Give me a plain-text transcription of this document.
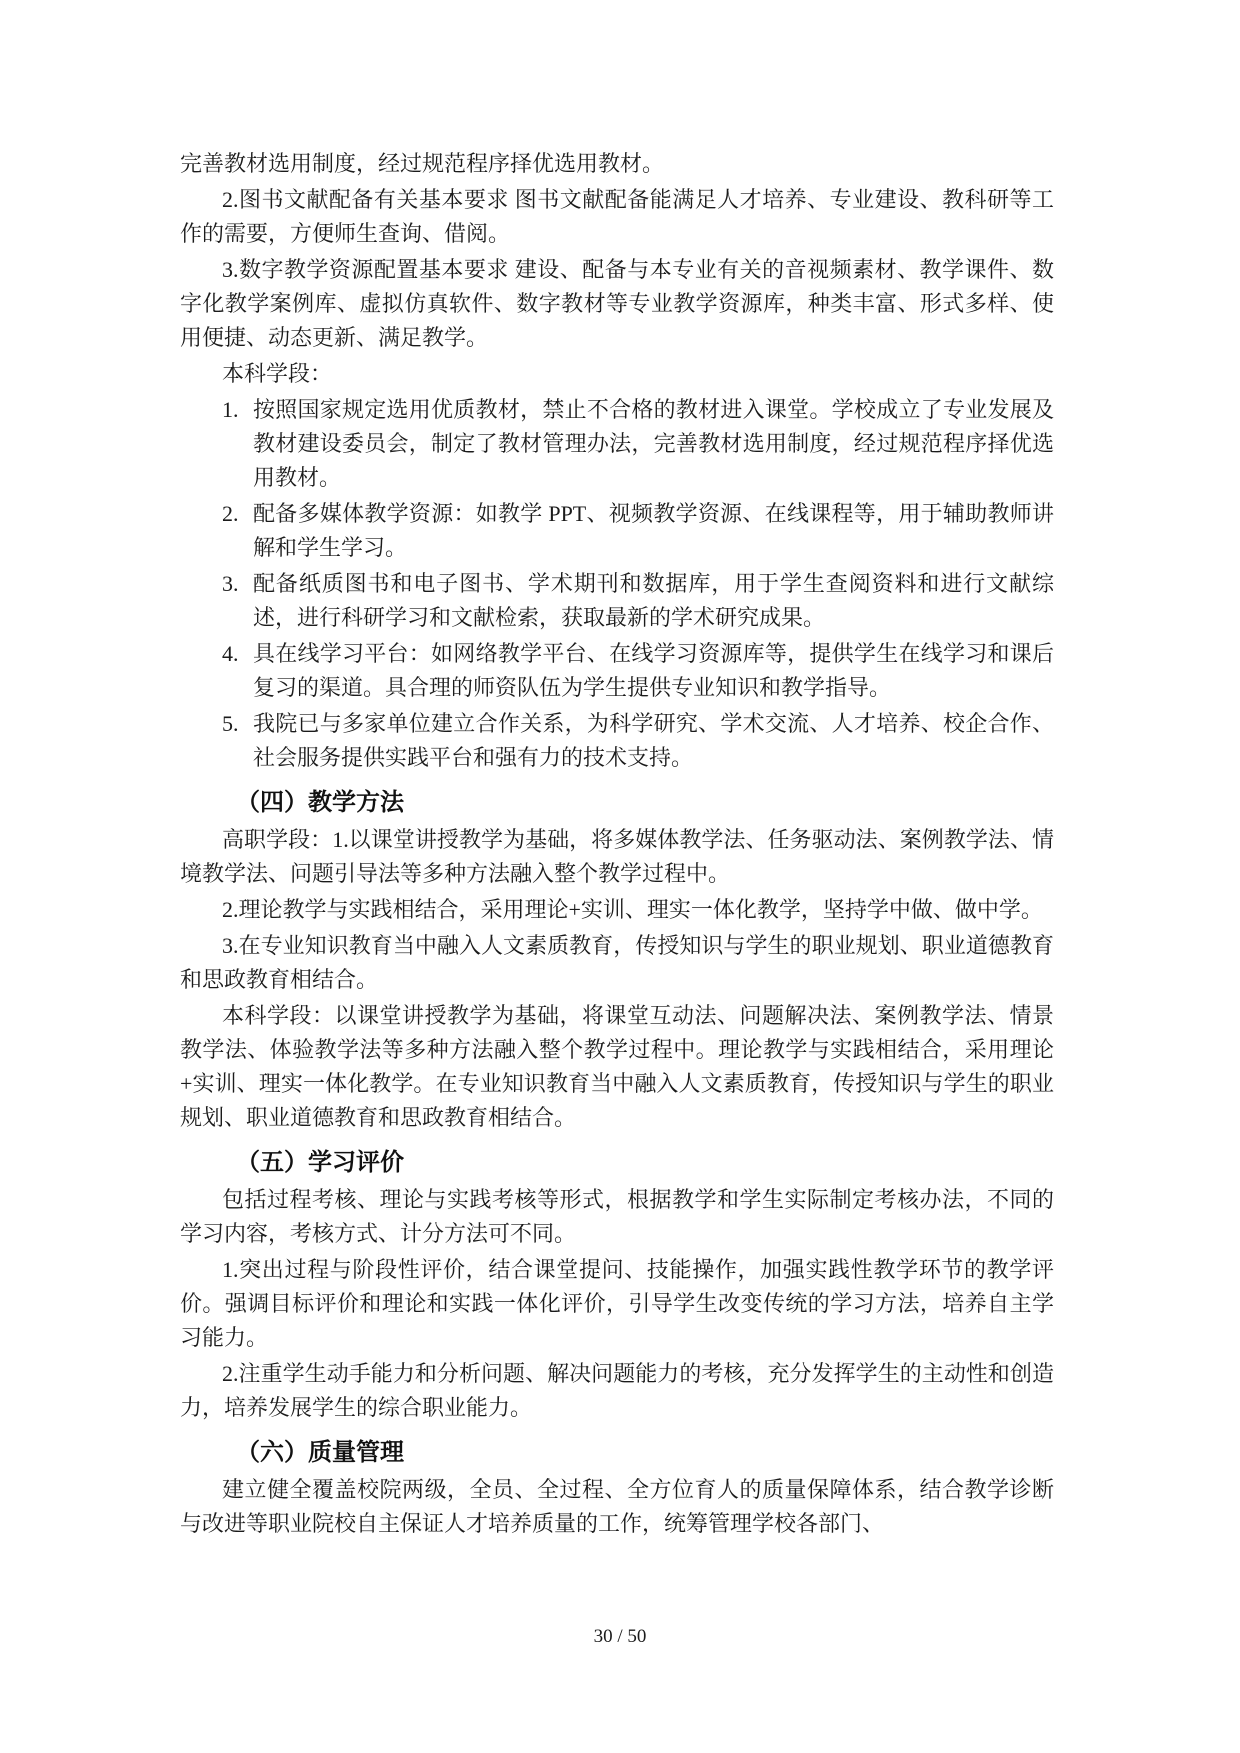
完善教材选用制度，经过规范程序择优选用教材。

2.图书文献配备有关基本要求 图书文献配备能满足人才培养、专业建设、教科研等工作的需要，方便师生查询、借阅。

3.数字教学资源配置基本要求 建设、配备与本专业有关的音视频素材、教学课件、数字化教学案例库、虚拟仿真软件、数字教材等专业教学资源库，种类丰富、形式多样、使用便捷、动态更新、满足教学。

本科学段：

1. 按照国家规定选用优质教材，禁止不合格的教材进入课堂。学校成立了专业发展及教材建设委员会，制定了教材管理办法，完善教材选用制度，经过规范程序择优选用教材。
2. 配备多媒体教学资源：如教学 PPT、视频教学资源、在线课程等，用于辅助教师讲解和学生学习。
3. 配备纸质图书和电子图书、学术期刊和数据库，用于学生查阅资料和进行文献综述，进行科研学习和文献检索，获取最新的学术研究成果。
4. 具在线学习平台：如网络教学平台、在线学习资源库等，提供学生在线学习和课后复习的渠道。具合理的师资队伍为学生提供专业知识和教学指导。
5. 我院已与多家单位建立合作关系，为科学研究、学术交流、人才培养、校企合作、社会服务提供实践平台和强有力的技术支持。
（四）教学方法

高职学段：1.以课堂讲授教学为基础，将多媒体教学法、任务驱动法、案例教学法、情境教学法、问题引导法等多种方法融入整个教学过程中。

2.理论教学与实践相结合，采用理论+实训、理实一体化教学，坚持学中做、做中学。

3.在专业知识教育当中融入人文素质教育，传授知识与学生的职业规划、职业道德教育和思政教育相结合。

本科学段：以课堂讲授教学为基础，将课堂互动法、问题解决法、案例教学法、情景教学法、体验教学法等多种方法融入整个教学过程中。理论教学与实践相结合，采用理论+实训、理实一体化教学。在专业知识教育当中融入人文素质教育，传授知识与学生的职业规划、职业道德教育和思政教育相结合。

（五）学习评价

包括过程考核、理论与实践考核等形式，根据教学和学生实际制定考核办法，不同的学习内容，考核方式、计分方法可不同。

1.突出过程与阶段性评价，结合课堂提问、技能操作，加强实践性教学环节的教学评价。强调目标评价和理论和实践一体化评价，引导学生改变传统的学习方法，培养自主学习能力。

2.注重学生动手能力和分析问题、解决问题能力的考核，充分发挥学生的主动性和创造力，培养发展学生的综合职业能力。

（六）质量管理

建立健全覆盖校院两级，全员、全过程、全方位育人的质量保障体系，结合教学诊断与改进等职业院校自主保证人才培养质量的工作，统筹管理学校各部门、

30 / 50
